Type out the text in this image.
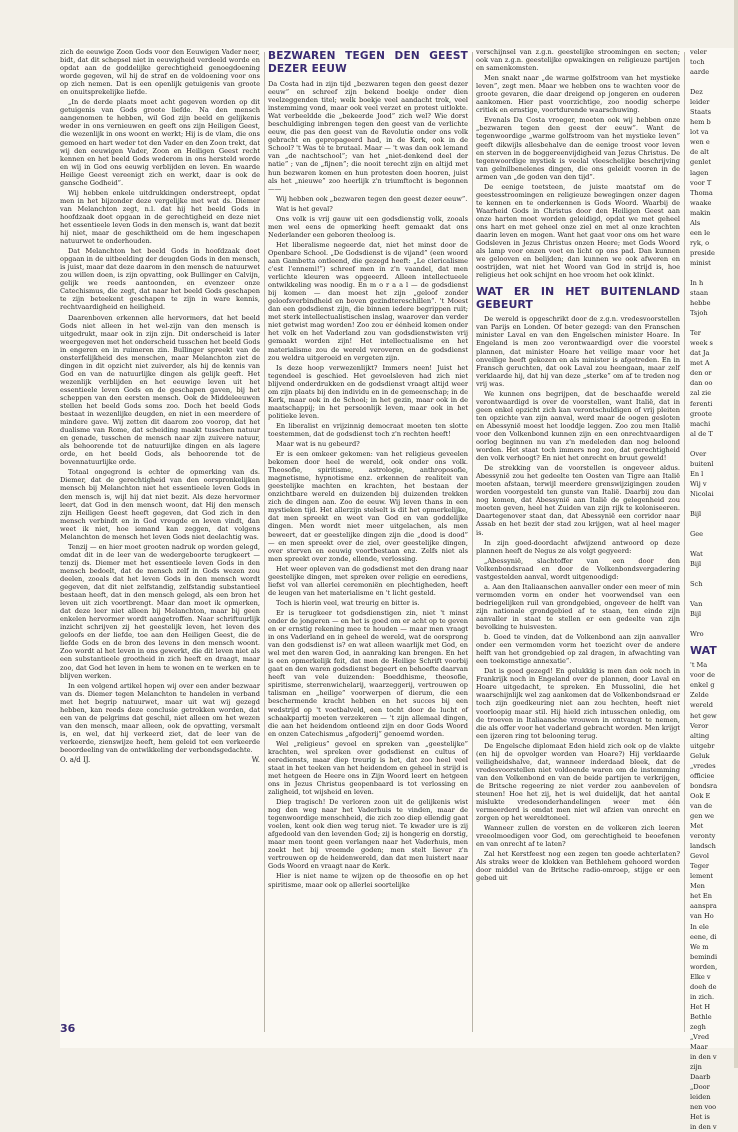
zich de eeuwige Zoon Gods voor den Eeuwigen Vader neer, bidt, dat dit schepsel niet in eeuwigheid verdeeld worde en opdat aan de goddelijke gerechtigheid genoegdoening worde gegeven, wil hij de straf en de voldoening voor ons op zich nemen. Dat is een openlijk getuigenis van groote en onuitsprekelijke liefde.

„In de derde plaats moet acht gegeven worden op dit getuigenis van Gods groote liefde. Na den mensch aangenomen te hebben, wil God zijn beeld en gelijkenis weder in ons vernieuwen en geeft ons zijn Heiligen Geest, die wezenlijk in ons woont en werkt; Hij is de vlam, die ons gemoed en hart weder tot den Vader en den Zoon trekt, dat wij den eeuwigen Vader, Zoon en Heiligen Geest recht kennen en het beeld Gods wederom in ons hersteld worde en wij in God ons eeuwig verblijden en leven. En waarde Heilige Geest vereenigt zich en werkt, daar is ook de gansche Godheid”.

Wij hebben enkele uitdrukkingen onderstreept, opdat men in het bijzonder deze vergelijke met wat ds. Diemer van Melanchton zegt, n.l. dat hij het beeld Gods in hoofdzaak doet opgaan in de gerechtigheid en deze niet het essentieele leven Gods in den mensch is, want dat bezit hij niet, maar de geschiktheid om de hem ingeschapen natuurwet te onderhouden.

Dat Melanchton het beeld Gods in hoofdzaak doet opgaan in de uitbeelding der deugden Gods in den mensch, is juist, maar dat deze daarom in den mensch de natuurwet zou willen doen, is zijn opvatting, ook Bullinger en Calvijn, gelijk we reeds aantoonden, en evenzeer onze Catechismus, die zegt, dat naar het beeld Gods geschapen te zijn beteekent geschapen te zijn in ware kennis, rechtvaardigheid en heiligheid.

Daarenboven erkennen alle hervormers, dat het beeld Gods niet alleen in het wel-zijn van den mensch is uitgedrukt, maar ook in zijn zijn. Dit onderscheid is later weergegeven met het onderscheid tusschen het beeld Gods in engeren en in ruimeren zin. Bullinger spreekt van de onsterfelijkheid des menschen, maar Melanchton ziet de dingen in dit opzicht niet zuiverder, als hij de kennis van God en van de natuurlijke dingen als gelijk geeft. Het wezenlijk verblijden en het eeuwige leven uit het essentieele leven Gods en de geschapen gaven, bij het scheppen van den eersten mensch. Ook de Middeleeuwen stellen het beeld Gods soms zoo. Doch het beeld Gods bestaat in wezenlijke deugden, en niet in een meerdere of mindere gave. Wij zetten dit daarom zoo voorop, dat het dualisme van Rome, dat scheiding maakt tusschen natuur en genade, tusschen de mensch naar zijn zuivere natuur, als behoorende tot de natuurlijke dingen en als lagere orde, en het beeld Gods, als behoorende tot de bovennatuurlijke orde.

Totaal ongegrond is echter de opmerking van ds. Diemer, dat de gerechtigheid van den oorspronkelijken mensch bij Melanchton niet het essentieele leven Gods in den mensch is, wijl hij dat niet bezit. Als deze hervormer leert, dat God in den mensch woont, dat Hij den mensch zijn Heiligen Geest heeft gegeven, dat God zich in den mensch verbindt en in God vreugde en leven vindt, dan weet ik niet, hoe iemand kan zeggen, dat volgens Melanchton de mensch het leven Gods niet deelachtig was.

Tenzij — en hier moet grooten nadruk op worden gelegd, omdat dit in de leer van de wedergeboorte terugkeert — tenzij ds. Diemer met het essentieele leven Gods in den mensch bedoelt, dat de mensch zelf in Gods wezen zou deelen, zooals dat het leven Gods in den mensch wordt gegeven, dat dit niet zelfstandig, zelfstandig substantieel bestaan heeft, dat in den mensch gelegd, als een bron het leven uit zich voortbrengt. Maar dan moet ik opmerken, dat deze leer niet alleen bij Melanchton, maar bij geen enkelen hervormer wordt aangetroffen. Naar schriftuurlijk inzicht schrijven zij het geestelijk leven, het leven des geloofs en der liefde, toe aan den Heiligen Geest, die de liefde Gods en de bron des levens in den mensch woont. Zoo wordt al het leven in ons gewerkt, die dit leven niet als een substantieele grootheid in zich heeft en draagt, maar zoo, dat God het leven in hem te wonen en te werken en te blijven werken.

In een volgend artikel hopen wij over een ander bezwaar van ds. Diemer tegen Melanchton te handelen in verband met het begrip natuurwet, maar uit wat wij gezegd hebben, kan reeds deze conclusie getrokken worden, dat een van de pelgrims dat geschil, niet alleen om het wezen van den mensch, maar alleen, ook de opvatting, versmalt is, en wel, dat hij verkeerd ziet, dat de leer van de verkeerde, zienswijze heeft, hem geleid tot een verkeerde beoordeeling van de ontwikkeling der verbondsgedachte.

O. a/d IJ.	W.
36
BEZWAREN TEGEN DEN GEEST DEZER EEUW

Da Costa had in zijn tijd „bezwaren tegen den geest dezer eeuw” en schreef zijn bekend boekje onder dien veelzeggenden titel; welk boekje veel aandacht trok, veel instemming vond, maar ook veel verzet en protest uitlokte. Wat verbeeldde die „bekeerde Jood” zich wel? Wie dorst beschuldiging inbrengen tegen den geest van de verlichte eeuw, die pas den geest van de Revolutie onder ons volk gebracht en gepropageerd had, in de Kerk, ook in de School? 't Was tè te brutaal. Maar — 't was dan ook lemand van „de nachtschool”; van het „niet-denkend deel der natie” ; van de „fijnen”; die nooit terecht zijn en altijd met hun bezwaren komen en hun protesten doen hooren, juist als het „nieuwe” zoo heerlijk z'n triumftocht is begonnen ——

Wij hebben ook „bezwaren tegen den geest dezer eeuw”.

Wat is het geval?

Ons volk is vrij gauw uit een godsdienstig volk, zooals men wel eens de opmerking heeft gemaakt dat ons Nederlander een geboren theoloog is.

Het liberalisme negeerde dat, niet het minst door de Openbare School. „De Godsdienst is de vijand” (een woord aan Gambetta ontleend, die gezegd heeft: „Le clericalisme c'est l'ennemi!”) schreef men in z'n vaandel, dat men verlichte kleuren was opgeeerd. Alleen intellectueele ontwikkeling was noodig. En m o r a a l — de godsdienst bij komen — dan moest het zijn „geloof zonder geloofsverbindheid en boven gezindtereschillen”. 't Moest dan een godsdienst zijn, die binnen iedere begrippen ruit; met sterk intellectualistischen inslag, waarover dan verder niet getwist mag worden! Zoo zou er éénheid komen onder het volk en het Vaderland zou van godsdienstwisten vrij gemaakt worden zijn! Het intellectualisme en het materialisme zou de wereld veroveren en de godsdienst zou weldra uitgeroeid en vergeten zijn.

Is deze hoop verwezenlijkt? Immers neen! Juist het tegendeel is geschied. Het gevoelsleven had zich niet blijvend onderdrukken en de godsdienst vraagt altijd weer om zijn plaats bij den individu en in de gemeenschap; in de Kerk, maar ook in de School; in het gezin, maar ook in de maatschappij; in het persoonlijk leven, maar ook in het politieke leven.

En liberalist en vrijzinnig democraat moeten ten slotte toestemmen, dat de godsdienst toch z'n rechten heeft!

Maar wat is nu gebeurd?

Er is een omkeer gekomen: van het religieus geveelen bekomen door heel de wereld, ook onder ons volk. Theosofie, spiritisme, astrologie, anthroposofie, magnetisme, hypnotisme enz. erkennen de realiteit van geestelijke machten en krachten, het bestaan der onzichtbare wereld en duizenden bij duizenden trekken zich de dingen aan. Zoo de eeuw. Wij leven thans in een mystieken tijd. Het allerzijn stelselt is dit het opmerkelijke, dat men spreekt en weet van God en van goddelijke dingen. Men wordt niet meer uitgelachen, als men beweert, dat er geestelijke dingen zijn die „dood is dood” — en men spreekt over de ziel, over geestelijke dingen, over sterven en eeuwig voortbestaan enz. Zelfs niet als men spreekt over zonde, ellende, verlossing.

Het weer opleven van de godsdienst met den drang naar geestelijke dingen, met spreken over religie en eerediens, liefst vol van allerlei ceremoniën en plechtigheden, heeft de leugen van het materialisme en 't licht gesteld.

Toch is hierin veel, wat treurig en bitter is.

Er is terugkeer tot godsdienstigen zin, niet 't minst onder de jongeren — en het is goed om er acht op te geven en er ernstig rekening mee te houden — maar men vraagt in ons Vaderland en in geheel de wereld, wat de oorsprong van den godsdienst is? en wat alleen waarlijk met God, en wel met den waren God, in aanraking kan brengen. En het is een opmerkelijk feit, dat men de Heilige Schrift voorbij gaat en den waren godsdienst begeert en behoefte daarvan heeft van vele duizenden: Boeddhisme, theosofie, spiritisme, sterrenwichelarij, waarzeggerij, vertrouwen op talisman en „heilige” voorwerpen of dierum, die een beschermende kracht hebben en het succes bij een wedstrijd op 't voetbalveld, een tocht door de lucht of schaakpartij moeten verzekeren — 't zijn allemaal dingen, die aan het heidendom ontleend zijn en door Gods Woord en onzen Catechismus „afgoderij” genoemd worden.

Wel „religieus” gevoel en spreken van „geestelijke” krachten, wel spreken over godsdienst en cultus of eerediensts, maar diep treurig is het, dat zoo heel veel staat in het teeken van het heidendom en geheel in strijd is met hetgeen de Heere ons in Zijn Woord leert en hetgeen ons in Jezus Christus geopenbaard is tot verlossing en zaligheid, tot wijsheid en leven.

Diep tragisch! De verloren zoon uit de gelijkenis wist nog den weg naar het Vaderhuis te vinden, maar de tegenwoordige menschheid, die zich zoo diep ellendig gaat voelen, kent ook dien weg terug niet. Te kwader ure is zij afgedoold van den levenden God; zij is hongerig en dorstig, maar men toont geen verlangen naar het Vaderhuis, men zoekt het bij vreemde goden; men stelt liever z'n vertrouwen op de heidenwereld, dan dat men luistert naar Gods Woord en vraagt naar de Kerk.

Hier is niet name te wijzen op de theosofie en op het spiritisme, maar ook op allerlei soortelijke

verschijnsel van z.g.n. geestelijke stroomingen en secten; ook van z.g.n. geestelijke opwakingen en religieuze partijen en samenkomsten.

Men snakt naar „de warme golfstroom van het mystieke leven”, zegt men. Maar we hebben ons te wachten voor de groote gevaren, die daar dreigend op jongeren en ouderen aankomen. Hier past voorzichtige, zoo noodig scherpe critiek en ernstige, voortdurende waarschuwing.

Evenals Da Costa vroeger, moeten ook wij hebben onze „bezwaren tegen den geest der eeuw”. Want de tegenwoordige „warme golfstroom van het mystieke leven” geeft dikwijls allesbehalve dan de eenige troost voor leven en sterven in de boggereenvijdigheid van Jezus Christus. De tegenwoordige mystiek is veelal vleeschelijke beschrijving van gelnilbenelenes dingen, die ons geleidt vooren in de armen van „de goden van den tijd”.

De eenige toetsteen, de juiste maatstaf om de geestesstroomingen en religieuze bewegingen onzer dagen te kennen en te onderkennen is Gods Woord. Waarbij de Waarheid Gods in Christus door den Heiligen Geest aan onze harten moet worden geleidigd, opdat we met geheel ons hart en met geheel onze ziel en met al onze krachten daarin leven en mogen. Want het gaat voor ons om het ware Godsleven in Jezus Christus onzen Heere; met Gods Woord als lamp voor onzen voet en licht op ons pad. Dan kunnen we gelooven en belijden; dan kunnen we ook afweren en oostrijden, wat niet het Woord van God in strijd is, hoe religieus het ook schijnt en hoe vroom het ook klinkt.

WAT ER IN HET BUITENLAND GEBEURT

De wereld is opgeschrikt door de z.g.n. vredesvoorstellen van Parijs en Londen. Of beter gezegd: van den Franschen minister Laval en van den Engelschen minister Hoare. In Engeland is men zoo verontwaardigd over die voorstel plannen, dat minister Hoare het veilige maar voor het onveilige heeft gekozen en als minister is afgetreden. En in Fransch geruchten, dat ook Laval zou heengaan, maar zelf verklaarde hij, dat hij van deze „sterke” om af te treden nog vrij was.

We kunnen ons begrijpen, dat de beschaafde wereld verontwaardigd is over de voorstellen, want Italië, dat in geen enkel opzicht zich kan verontschuldigen of vrij pleiten ten opzichte van zijn aanval, werd maar de oogen gesloten en Abessynië moest het looddje leggen. Zoo zou men Italië voor den Volkenbond kunnen zijn en een onrechtvaardigen oorlog beginnen nu van z'n medeleden dan nog beloond worden. Het staat toch immers nog zoo, dat gerechtigheid den volk verhoogt? En niet het onrecht en bruut geweld!

De strekking van de voorstellen is ongeveer aldus. Abessynië zou het gedeelte ten Oosten van Tigre aan Italië moeten afstaan, terwijl meerdere grenswijzigingen zouden worden voorgesteld ten gunste van Italië. Daarbij zou dan nog komen, dat Abessynië aan Italië de gelegenheid zou moeten geven, heel het Zuiden van zijn rijk te koloniseeren. Daartegenover staat dan, dat Abessynië een corridor naar Assab en het bezit der stad zou krijgen, wat al heel mager is.

In zijn goed-doordacht afwijzend antwoord op deze plannen heeft de Negus ze als volgt gegyeerd:

„Abessynië, slachtoffer van een door den Volkenbondsraad en door de Volkenbondsvergadering vastgestelden aanval, wordt uitgenoodigd:

a. Aan den Italiaanschen aanvaller onder een meer of min vermomden vorm en onder het voorwendsel van een bedriegelijken ruil van grondgebied, ongeveer de helft van zijn nationale grondgebied af te staan, ten einde zijn aanvaller in staat te stellen er een gedeelte van zijn bevolking te huisvesten.

b. Goed te vinden, dat de Volkenbond aan zijn aanvaller onder een vermomden vorm het toezicht over de andere helft van het grondgebied op zal dragen, in afwachting van een toekomstige annexatie”.

Dat is goed gezegd! En gelukkig is men dan ook noch in Frankrijk noch in Engeland over de plannen, door Laval en Hoare uitgedacht, te spreken. En Mussolini, die het waarschijnlijk wel zag aankomen dat de Volkenbondsraad er toch zijn goedkeuring niet aan zou hechten, heeft niet voorloopig maar stil. Hij hield zich intusschen onledig, om de troeven in Italiaansche vrouwen in ontvangt te nemen, die als offer voor het vaderland gebracht worden. Men krijgt een ijzeren ring tot belooning terug.

De Engelsche diplomaat Eden hield zich ook op de vlakte (en hij de opvolger worden van Hoare?) Hij verklaarde veiligheidshalve, dat, wanneer inderdaad bleek, dat de vredesvoorstellen niet voldoende waren om de instemming van den Volkenbond en van de beide partijen te verkrijgen, de Britsche regeering ze niet verder zou aanbevelen of steunen! Hoe het zij, het is wel duidelijk, dat het aantal mislukte vredesonderhandelingen weer met één vermeerderd is omdat men niet wil afzien van onrecht en zorgen op het wereldtoneel.

Wanneer zullen de vorsten en de volkeren zich leeren vreeolmoedigen voor God, om gerechtigheid te beoefenen en van onrecht af te laten?

Zal het Kerstfeest nog een zegen ten goede achterlaten? Als straks weer de klokken van Bethlehem gehoord worden door middel van de Britsche radio-omroep, stijge er een gebed uit

veler
toch
aarde
Dez
leider
Staats
hem b
lot va
wen e
de alt
genlet
lagen
voor T
Thoma
waake
makin
Als
een le
ryk, o
preside
minist
In h
staan
hebbe
Tsjoh
Ter
week s
dat Ja
met A
den or
dan oo
zal zie
ferenti
groote
machi
al de T
Over
buitenl
En l
Wij v
Nicolai
Bijl
Gee
Wat
Bijl
Sch
Van
Bijl
Wro
WAT
't Ma
voor de
enkel g
Zelde
wereld
het gew
Veror
alting
uitgebr
Geluk
„vredes
officiee
bondsra
Ook E
van de
gen we
Met
veronty
landsch
Gevol
Teger
lement
Men
het En
aanspra
van Ho
In ele
eene, di
We m
bemindi
worden,
Elke v
doeh de
in zich.
Het H
Bethle
zegh
„Vred
Maar
in den v
zijn
Daarb
„Door
leiden
nen voo
Het is
in den v
